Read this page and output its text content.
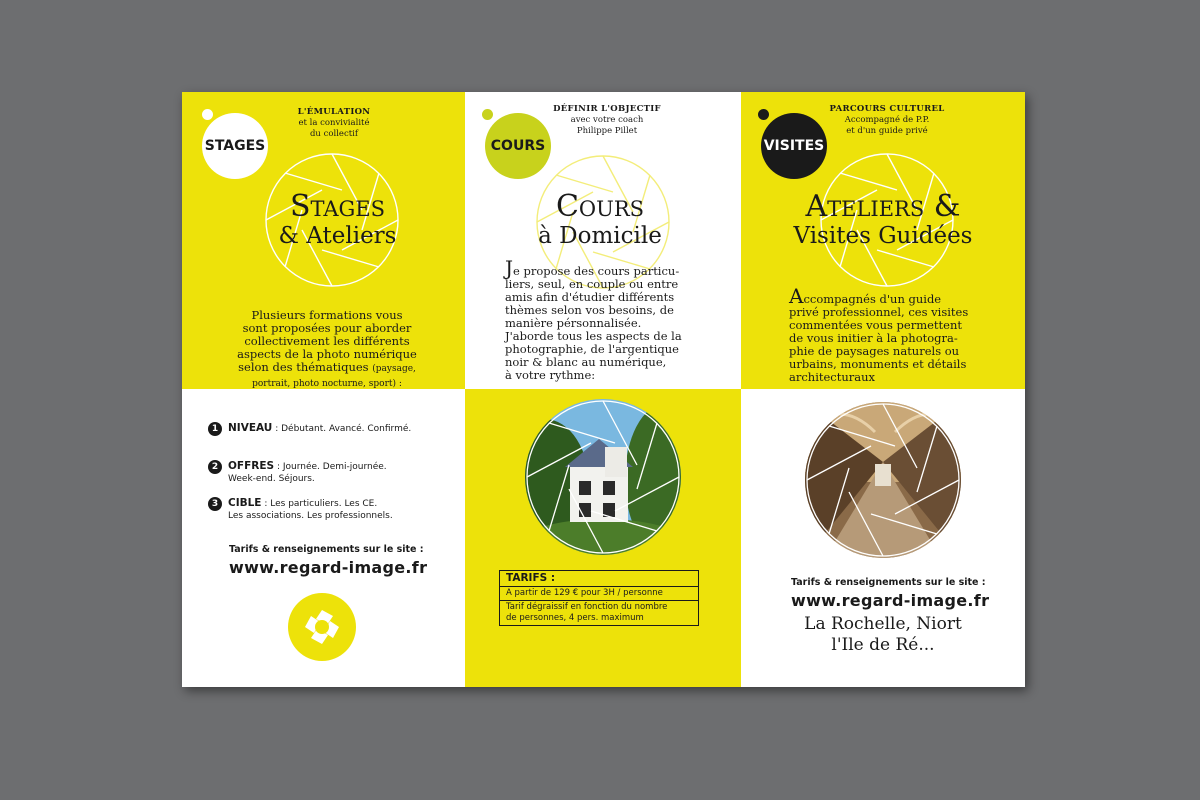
STAGES
L'ÉMULATION
et la convivialité
du collectif
Stages
& Ateliers
Plusieurs formations vous
sont proposées pour aborder
collectivement les différents
aspects de la photo numérique
selon des thématiques (paysage,
portrait, photo nocturne, sport) :
1 NIVEAU : Débutant. Avancé. Confirmé.
2 OFFRES : Journée. Demi-journée.
Week-end. Séjours.
3 CIBLE : Les particuliers. Les CE.
Les associations. Les professionnels.
Tarifs & renseignements sur le site :
www.regard-image.fr
COURS
DÉFINIR L'OBJECTIF
avec votre coach
Philippe Pillet
Cours
à Domicile
Je propose des cours particu-
liers, seul, en couple ou entre
amis afin d'étudier différents
thèmes selon vos besoins, de
manière pérsonnalisée.
J'aborde tous les aspects de la
photographie, de l'argentique
noir & blanc au numérique,
à votre rythme:
TARIFS :
A partir de 129 € pour 3H / personne
Tarif dégraissif en fonction du nombre
de personnes, 4 pers. maximum
VISITES
PARCOURS CULTUREL
Accompagné de P.P.
et d'un guide privé
Ateliers &
Visites Guidées
Accompagnés d'un guide
privé professionnel, ces visites
commentées vous permettent
de vous initier à la photogra-
phie de paysages naturels ou
urbains, monuments et détails
architecturaux
Tarifs & renseignements sur le site :
www.regard-image.fr
La Rochelle, Niort
l'Ile de Ré...
